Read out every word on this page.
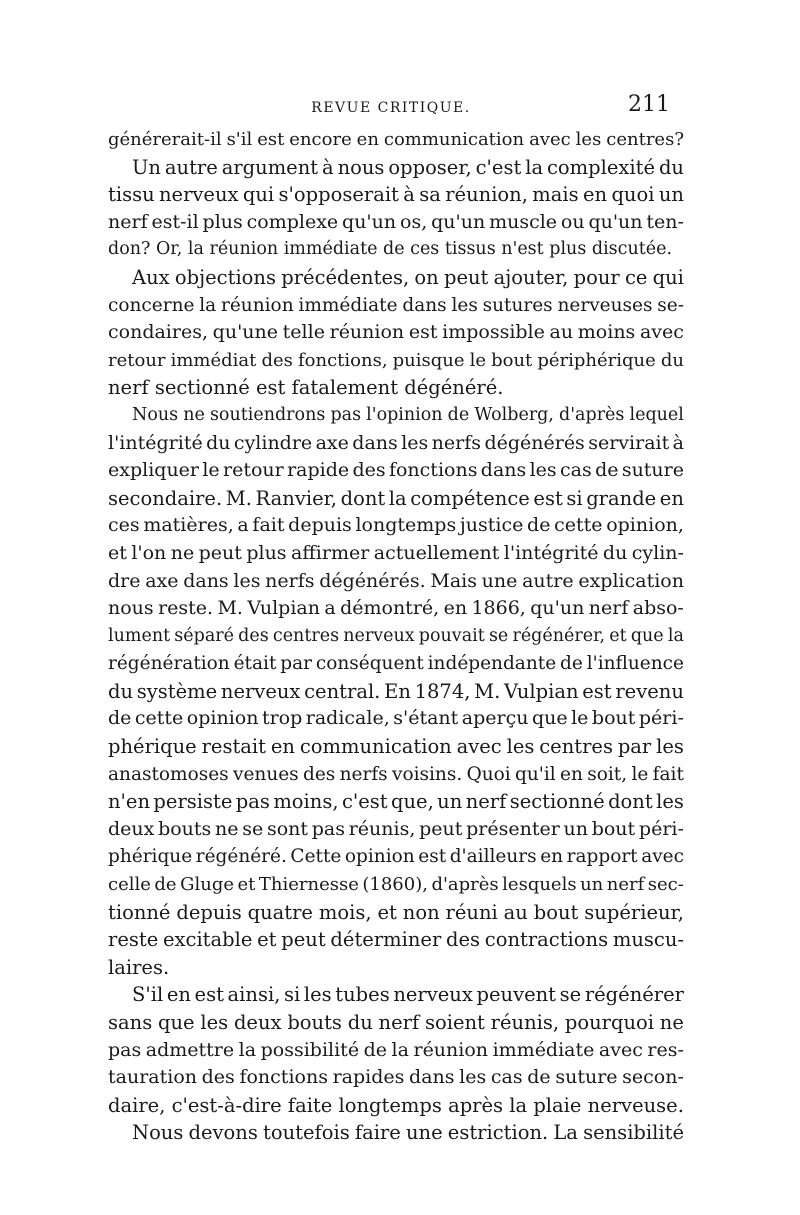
REVUE CRITIQUE.	211
générerait-il s'il est encore en communication avec les centres?
Un autre argument à nous opposer, c'est la complexité du
tissu nerveux qui s'opposerait à sa réunion, mais en quoi un
nerf est-il plus complexe qu'un os, qu'un muscle ou qu'un ten-
don? Or, la réunion immédiate de ces tissus n'est plus discutée.
Aux objections précédentes, on peut ajouter, pour ce qui
concerne la réunion immédiate dans les sutures nerveuses se-
condaires, qu'une telle réunion est impossible au moins avec
retour immédiat des fonctions, puisque le bout périphérique du
nerf sectionné est fatalement dégénéré.
Nous ne soutiendrons pas l'opinion de Wolberg, d'après lequel
l'intégrité du cylindre axe dans les nerfs dégénérés servirait à
expliquer le retour rapide des fonctions dans les cas de suture
secondaire. M. Ranvier, dont la compétence est si grande en
ces matières, a fait depuis longtemps justice de cette opinion,
et l'on ne peut plus affirmer actuellement l'intégrité du cylin-
dre axe dans les nerfs dégénérés. Mais une autre explication
nous reste. M. Vulpian a démontré, en 1866, qu'un nerf abso-
lument séparé des centres nerveux pouvait se régénérer, et que la
régénération était par conséquent indépendante de l'influence
du système nerveux central. En 1874, M. Vulpian est revenu
de cette opinion trop radicale, s'étant aperçu que le bout péri-
phérique restait en communication avec les centres par les
anastomoses venues des nerfs voisins. Quoi qu'il en soit, le fait
n'en persiste pas moins, c'est que, un nerf sectionné dont les
deux bouts ne se sont pas réunis, peut présenter un bout péri-
phérique régénéré. Cette opinion est d'ailleurs en rapport avec
celle de Gluge et Thiernesse (1860), d'après lesquels un nerf sec-
tionné depuis quatre mois, et non réuni au bout supérieur,
reste excitable et peut déterminer des contractions muscu-
laires.
S'il en est ainsi, si les tubes nerveux peuvent se régénérer
sans que les deux bouts du nerf soient réunis, pourquoi ne
pas admettre la possibilité de la réunion immédiate avec res-
tauration des fonctions rapides dans les cas de suture secon-
daire, c'est-à-dire faite longtemps après la plaie nerveuse.
Nous devons toutefois faire une estriction. La sensibilité
